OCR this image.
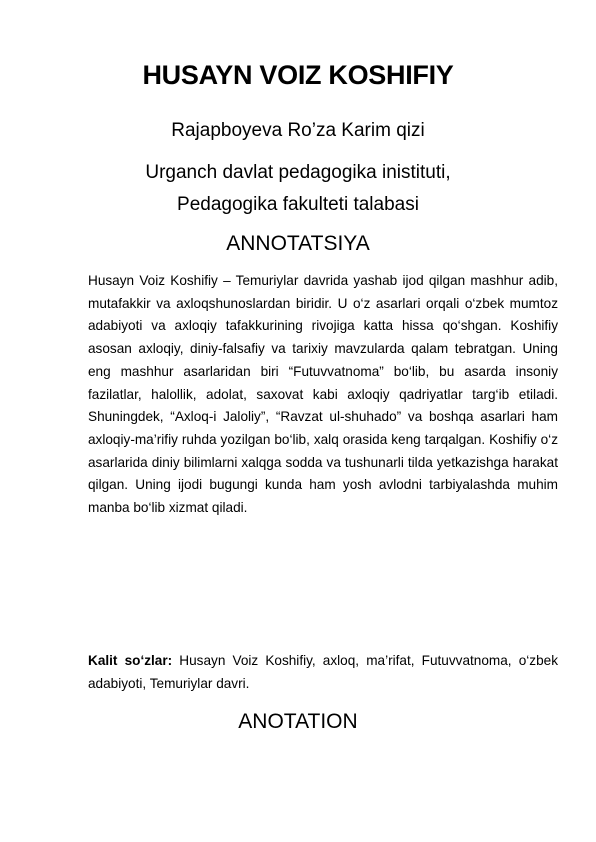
HUSAYN VOIZ KOSHIFIY
Rajapboyeva Ro’za Karim qizi
Urganch davlat pedagogika inistituti,
Pedagogika fakulteti talabasi
ANNOTATSIYA

Husayn Voiz Koshifiy – Temuriylar davrida yashab ijod qilgan mashhur adib, mutafakkir va axloqshunoslardan biridir. U o‘z asarlari orqali o‘zbek mumtoz adabiyoti va axloqiy tafakkurining rivojiga katta hissa qo‘shgan. Koshifiy asosan axloqiy, diniy-falsafiy va tarixiy mavzularda qalam tebratgan. Uning eng mashhur asarlaridan biri “Futuvvatnoma” bo‘lib, bu asarda insoniy fazilatlar, halollik, adolat, saxovat kabi axloqiy qadriyatlar targ‘ib etiladi. Shuningdek, “Axloq-i Jaloliy”, “Ravzat ul-shuhado” va boshqa asarlari ham axloqiy-ma’rifiy ruhda yozilgan bo‘lib, xalq orasida keng tarqalgan. Koshifiy o‘z asarlarida diniy bilimlarni xalqga sodda va tushunarli tilda yetkazishga harakat qilgan. Uning ijodi bugungi kunda ham yosh avlodni tarbiyalashda muhim manba bo‘lib xizmat qiladi.

Kalit so‘zlar: Husayn Voiz Koshifiy, axloq, ma’rifat, Futuvvatnoma, o‘zbek adabiyoti, Temuriylar davri.

ANOTATION
